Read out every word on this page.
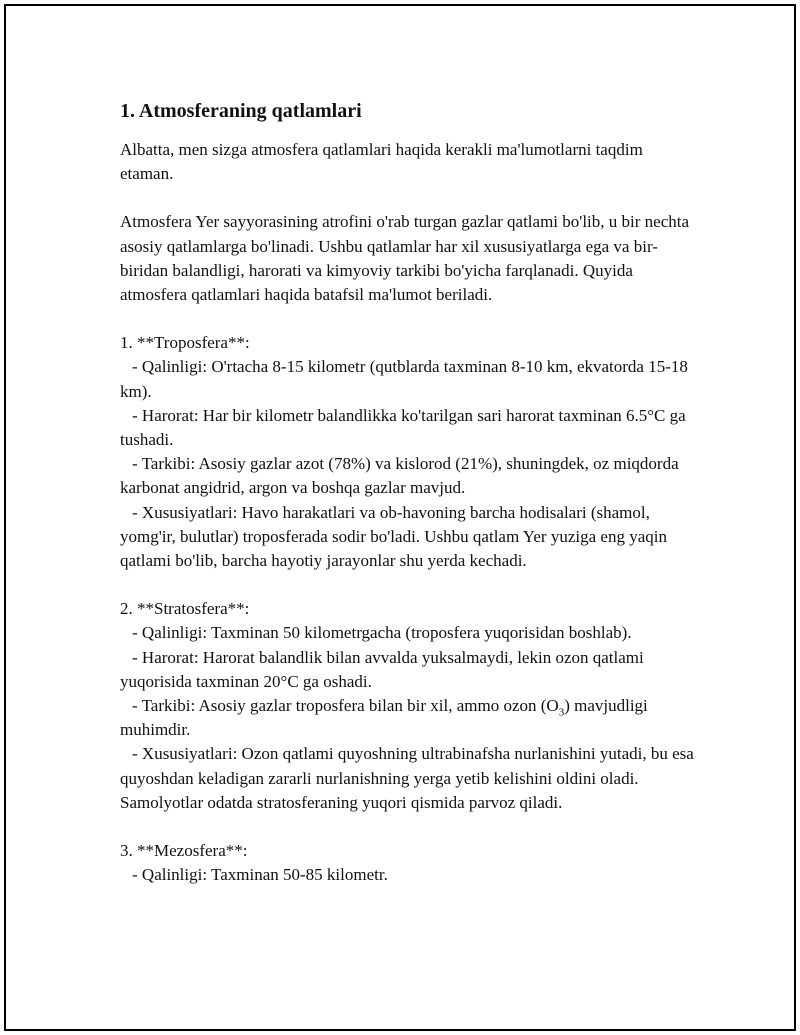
1. Atmosferaning qatlamlari

Albatta, men sizga atmosfera qatlamlari haqida kerakli ma'lumotlarni taqdim etaman.

Atmosfera Yer sayyorasining atrofini o'rab turgan gazlar qatlami bo'lib, u bir nechta asosiy qatlamlarga bo'linadi. Ushbu qatlamlar har xil xususiyatlarga ega va bir-biridan balandligi, harorati va kimyoviy tarkibi bo'yicha farqlanadi. Quyida atmosfera qatlamlari haqida batafsil ma'lumot beriladi.

1. **Troposfera**:

- Qalinligi: O'rtacha 8-15 kilometr (qutblarda taxminan 8-10 km, ekvatorda 15-18 km).

- Harorat: Har bir kilometr balandlikka ko'tarilgan sari harorat taxminan 6.5°C ga tushadi.

- Tarkibi: Asosiy gazlar azot (78%) va kislorod (21%), shuningdek, oz miqdorda karbonat angidrid, argon va boshqa gazlar mavjud.

- Xususiyatlari: Havo harakatlari va ob-havoning barcha hodisalari (shamol, yomg'ir, bulutlar) troposferada sodir bo'ladi. Ushbu qatlam Yer yuziga eng yaqin qatlami bo'lib, barcha hayotiy jarayonlar shu yerda kechadi.

2. **Stratosfera**:

- Qalinligi: Taxminan 50 kilometrgacha (troposfera yuqorisidan boshlab).

- Harorat: Harorat balandlik bilan avvalda yuksalmaydi, lekin ozon qatlami yuqorisida taxminan 20°C ga oshadi.

- Tarkibi: Asosiy gazlar troposfera bilan bir xil, ammo ozon $(O_3)$ mavjudligi muhimdir.

- Xususiyatlari: Ozon qatlami quyoshning ultrabinafsha nurlanishini yutadi, bu esa quyoshdan keladigan zararli nurlanishning yerga yetib kelishini oldini oladi. Samolyotlar odatda stratosferaning yuqori qismida parvoz qiladi.

3. **Mezosfera**:

- Qalinligi: Taxminan 50-85 kilometr.
